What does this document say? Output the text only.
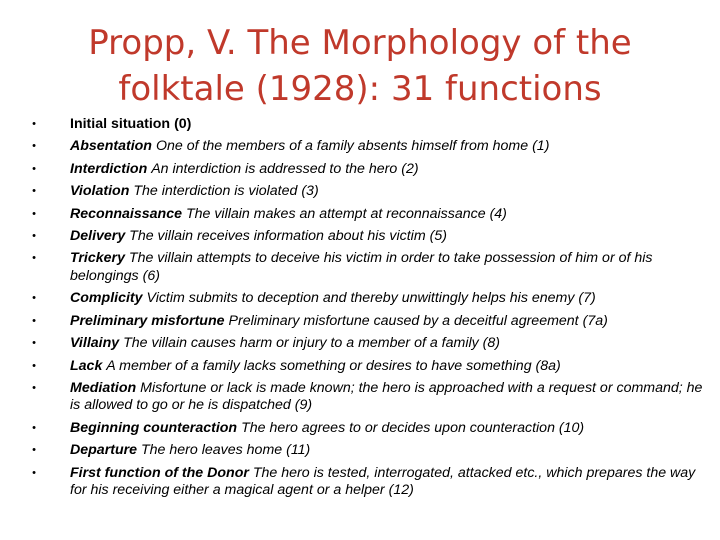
Propp, V. The Morphology of the
folktale (1928): 31 functions
• Initial situation (0)
• Absentation One of the members of a family absents himself from home (1)
• Interdiction An interdiction is addressed to the hero (2)
• Violation The interdiction is violated (3)
• Reconnaissance The villain makes an attempt at reconnaissance (4)
• Delivery The villain receives information about his victim (5)
• Trickery The villain attempts to deceive his victim in order to take possession of him or of his belongings (6)
• Complicity Victim submits to deception and thereby unwittingly helps his enemy (7)
• Preliminary misfortune Preliminary misfortune caused by a deceitful agreement (7a)
• Villainy The villain causes harm or injury to a member of a family (8)
• Lack A member of a family lacks something or desires to have something (8a)
• Mediation Misfortune or lack is made known; the hero is approached with a request or command; he is allowed to go or he is dispatched (9)
• Beginning counteraction The hero agrees to or decides upon counteraction (10)
• Departure The hero leaves home (11)
• First function of the Donor The hero is tested, interrogated, attacked etc., which prepares the way for his receiving either a magical agent or a helper (12)
